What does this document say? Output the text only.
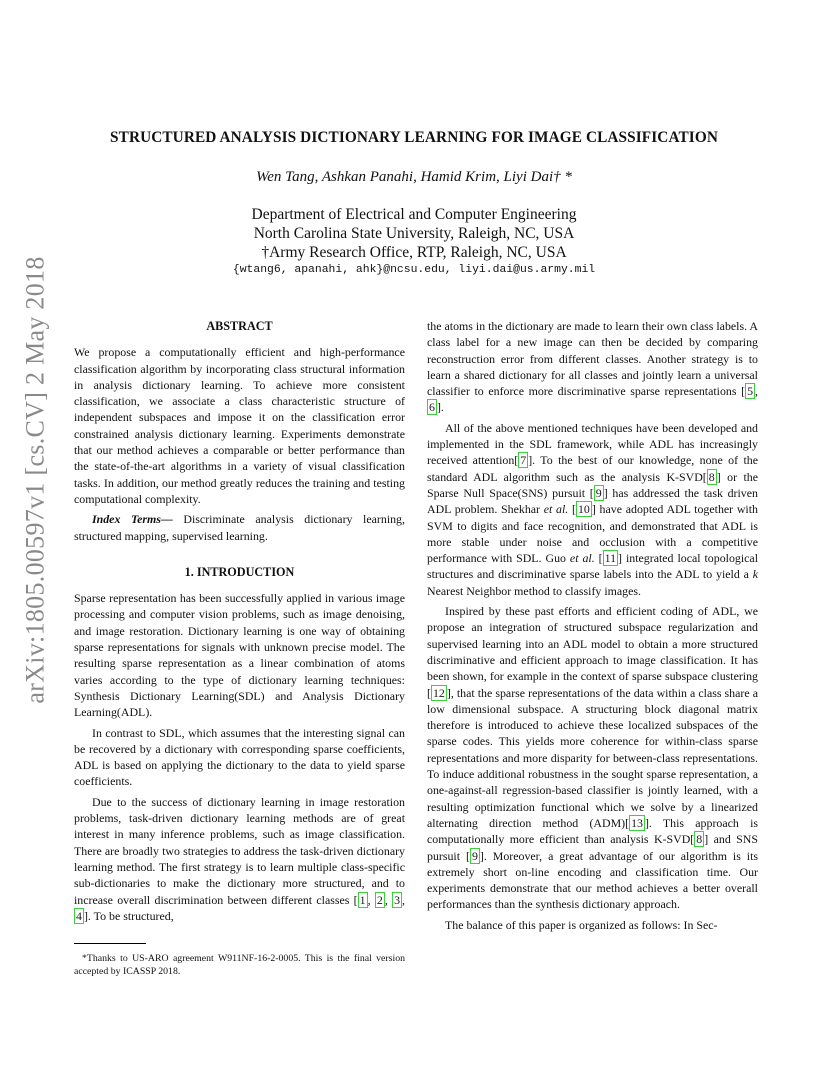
arXiv:1805.00597v1 [cs.CV] 2 May 2018
STRUCTURED ANALYSIS DICTIONARY LEARNING FOR IMAGE CLASSIFICATION
Wen Tang, Ashkan Panahi, Hamid Krim, Liyi Dai† *
Department of Electrical and Computer Engineering
North Carolina State University, Raleigh, NC, USA
†Army Research Office, RTP, Raleigh, NC, USA
{wtang6, apanahi, ahk}@ncsu.edu, liyi.dai@us.army.mil
ABSTRACT

We propose a computationally efficient and high-performance classification algorithm by incorporating class structural information in analysis dictionary learning. To achieve more consistent classification, we associate a class characteristic structure of independent subspaces and impose it on the classification error constrained analysis dictionary learning. Experiments demonstrate that our method achieves a comparable or better performance than the state-of-the-art algorithms in a variety of visual classification tasks. In addition, our method greatly reduces the training and testing computational complexity.

Index Terms— Discriminate analysis dictionary learning, structured mapping, supervised learning.

1. INTRODUCTION

Sparse representation has been successfully applied in various image processing and computer vision problems, such as image denoising, and image restoration. Dictionary learning is one way of obtaining sparse representations for signals with unknown precise model. The resulting sparse representation as a linear combination of atoms varies according to the type of dictionary learning techniques: Synthesis Dictionary Learning(SDL) and Analysis Dictionary Learning(ADL).

In contrast to SDL, which assumes that the interesting signal can be recovered by a dictionary with corresponding sparse coefficients, ADL is based on applying the dictionary to the data to yield sparse coefficients.

Due to the success of dictionary learning in image restoration problems, task-driven dictionary learning methods are of great interest in many inference problems, such as image classification. There are broadly two strategies to address the task-driven dictionary learning method. The first strategy is to learn multiple class-specific sub-dictionaries to make the dictionary more structured, and to increase overall discrimination between different classes [ 1 , 2 , 3 , 4 ]. To be structured,

the atoms in the dictionary are made to learn their own class labels. A class label for a new image can then be decided by comparing reconstruction error from different classes. Another strategy is to learn a shared dictionary for all classes and jointly learn a universal classifier to enforce more discriminative sparse representations [ 5 , 6 ].

All of the above mentioned techniques have been developed and implemented in the SDL framework, while ADL has increasingly received attention[ 7 ]. To the best of our knowledge, none of the standard ADL algorithm such as the analysis K-SVD[ 8 ] or the Sparse Null Space(SNS) pursuit [ 9 ] has addressed the task driven ADL problem. Shekhar et al. [ 10 ] have adopted ADL together with SVM to digits and face recognition, and demonstrated that ADL is more stable under noise and occlusion with a competitive performance with SDL. Guo et al. [ 11 ] integrated local topological structures and discriminative sparse labels into the ADL to yield a k Nearest Neighbor method to classify images.

Inspired by these past efforts and efficient coding of ADL, we propose an integration of structured subspace regularization and supervised learning into an ADL model to obtain a more structured discriminative and efficient approach to image classification. It has been shown, for example in the context of sparse subspace clustering [ 12 ], that the sparse representations of the data within a class share a low dimensional subspace. A structuring block diagonal matrix therefore is introduced to achieve these localized subspaces of the sparse codes. This yields more coherence for within-class sparse representations and more disparity for between-class representations. To induce additional robustness in the sought sparse representation, a one-against-all regression-based classifier is jointly learned, with a resulting optimization functional which we solve by a linearized alternating direction method (ADM)[ 13 ]. This approach is computationally more efficient than analysis K-SVD[ 8 ] and SNS pursuit [ 9 ]. Moreover, a great advantage of our algorithm is its extremely short on-line encoding and classification time. Our experiments demonstrate that our method achieves a better overall performances than the synthesis dictionary approach.

The balance of this paper is organized as follows: In Sec-

*Thanks to US-ARO agreement W911NF-16-2-0005. This is the final version accepted by ICASSP 2018.
